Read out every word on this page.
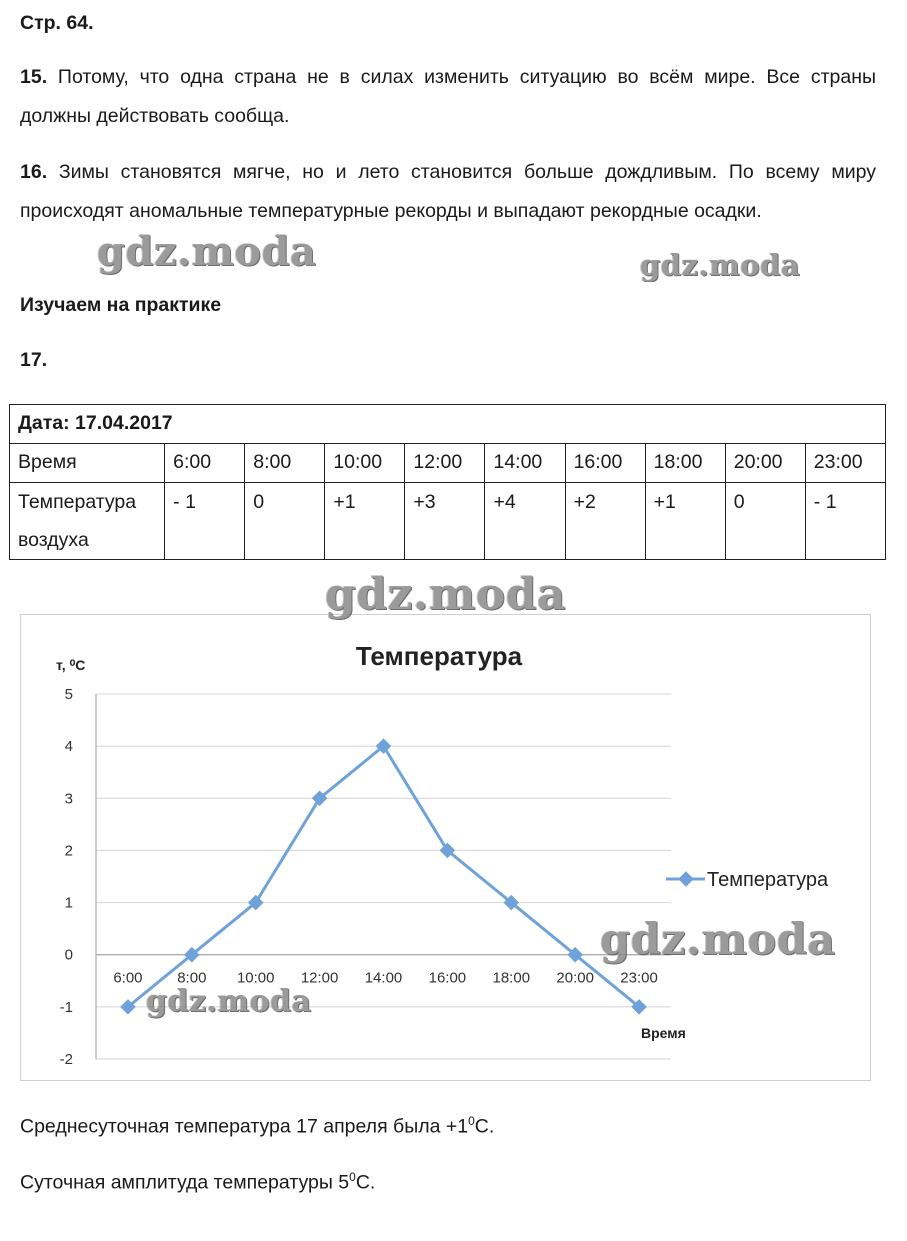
Стр. 64.
15. Потому, что одна страна не в силах изменить ситуацию во всём мире. Все страны должны действовать сообща.
16. Зимы становятся мягче, но и лето становится больше дождливым. По всему миру происходят аномальные температурные рекорды и выпадают рекордные осадки.
Изучаем на практике
17.
Дата: 17.04.2017									
Время	6:00	8:00	10:00	12:00	14:00	16:00	18:00	20:00	23:00
Температура
воздуха	- 1	0	+1	+3	+4	+2	+1	0	- 1
5
4
3
2
1
0
-1
-2
6:00 8:00 10:00 12:00 14:00 16:00 18:00 20:00 23:00
Температура
т, ⁰С
Время
Температура
Среднесуточная температура 17 апреля была $+1^0С$.
Суточная амплитуда температуры $5^0С$.
gdz.moda	gdz.moda
gdz.moda
gdz.moda
gdz.moda
